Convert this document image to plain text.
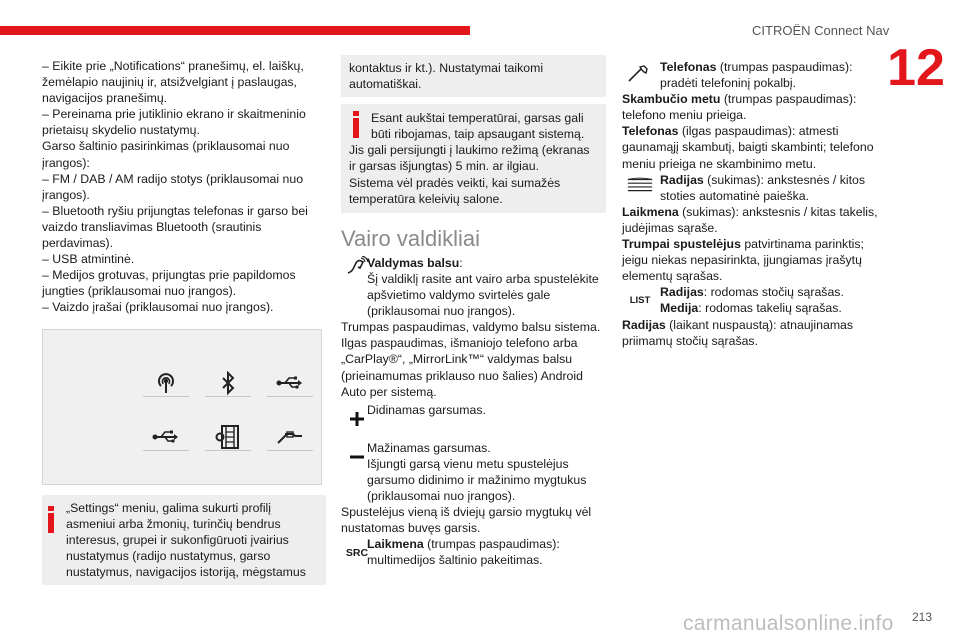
CITROËN Connect Nav
12

– Eikite prie „Notifications“ pranešimų, el. laiškų, žemėlapio naujinių ir, atsižvelgiant į paslaugas, navigacijos pranešimų.

– Pereinama prie jutiklinio ekrano ir skaitmeninio prietaisų skydelio nustatymų.

Garso šaltinio pasirinkimas (priklausomai nuo įrangos):

– FM / DAB / AM radijo stotys (priklausomai nuo įrangos).

– Bluetooth ryšiu prijungtas telefonas ir garso bei vaizdo transliavimas Bluetooth (srautinis perdavimas).

– USB atmintinė.

– Medijos grotuvas, prijungtas prie papildomos jungties (priklausomai nuo įrangos).

– Vaizdo įrašai (priklausomai nuo įrangos).

„Settings“ meniu, galima sukurti profilį asmeniui arba žmonių, turinčių bendrus interesus, grupei ir sukonfigūruoti įvairius nustatymus (radijo nustatymus, garso nustatymus, navigacijos istoriją, mėgstamus

kontaktus ir kt.). Nustatymai taikomi automatiškai.

Esant aukštai temperatūrai, garsas gali būti ribojamas, taip apsaugant sistemą.

Jis gali persijungti į laukimo režimą (ekranas ir garsas išjungtas) 5 min. ar ilgiau.

Sistema vėl pradės veikti, kai sumažės temperatūra keleivių salone.

Vairo valdikliai

Valdymas balsu:

Šį valdiklį rasite ant vairo arba spustelėkite apšvietimo valdymo svirtelės gale (priklausomai nuo įrangos).

Trumpas paspaudimas, valdymo balsu sistema.

Ilgas paspaudimas, išmaniojo telefono arba „CarPlay®“, „MirrorLink™“ valdymas balsu (prieinamumas priklauso nuo šalies) Android Auto per sistemą.

Didinamas garsumas.

Mažinamas garsumas.

Išjungti garsą vienu metu spustelėjus garsumo didinimo ir mažinimo mygtukus (priklausomai nuo įrangos).

Spustelėjus vieną iš dviejų garsio mygtukų vėl nustatomas buvęs garsis.

SRC

Laikmena (trumpas paspaudimas): multimedijos šaltinio pakeitimas.

Telefonas (trumpas paspaudimas): pradėti telefoninį pokalbį.

Skambučio metu (trumpas paspaudimas): telefono meniu prieiga.

Telefonas (ilgas paspaudimas): atmesti gaunamąjį skambutį, baigti skambinti; telefono meniu prieiga ne skambinimo metu.

Radijas (sukimas): ankstesnės / kitos stoties automatinė paieška.

Laikmena (sukimas): ankstesnis / kitas takelis, judėjimas sąraše.

Trumpai spustelėjus patvirtinama parinktis; jeigu niekas nepasirinkta, įjungiamas įrašytų elementų sąrašas.

LIST

Radijas: rodomas stočių sąrašas.

Medija: rodomas takelių sąrašas.

Radijas (laikant nuspaustą): atnaujinamas priimamų stočių sąrašas.

carmanualsonline.info 213
